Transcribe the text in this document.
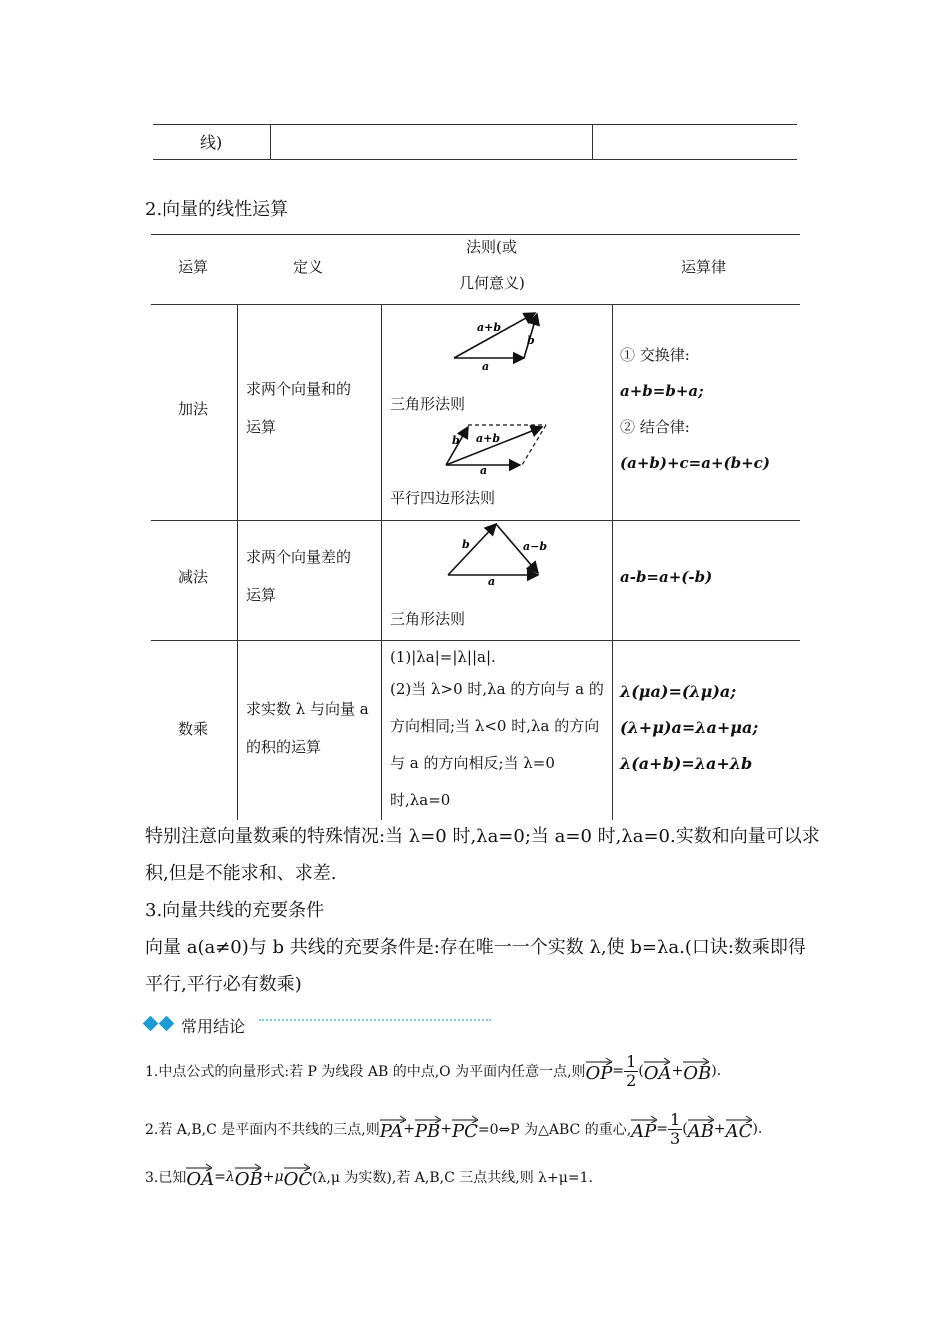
线)
2.向量的线性运算
运算	定义
法则(或
几何意义)
运算律
加法
求两个向量和的
运算
a+b
b
a
三角形法则
b a+b
a
平行四边形法则
① 交换律:
a+b=b+a;
② 结合律:
(a+b)+c=a+(b+c)
减法
求两个向量差的
运算
b	a−b
a
三角形法则
a-b=a+(-b)
数乘
求实数 λ 与向量 a
的积的运算
(1)|λa|=|λ||a|.
(2)当 λ>0 时,λa 的方向与 a 的
方向相同;当 λ<0 时,λa 的方向
与 a 的方向相反;当 λ=0
时,λa=0
λ(μa)=(λμ)a;
(λ+μ)a=λa+μa;
λ(a+b)=λa+λb
特别注意向量数乘的特殊情况:当 λ=0 时,λa=0;当 a=0 时,λa=0.实数和向量可以求
积,但是不能求和、求差.
3.向量共线的充要条件
向量 a(a≠0)与 b 共线的充要条件是:存在唯一一个实数 λ,使 b=λa.(口诀:数乘即得
平行,平行必有数乘)
常用结论
1.中点公式的向量形式:若 P 为线段 AB 的中点,O 为平面内任意一点,则 OP = $\frac{1}{2}$ ( OA + OB ).
2.若 A,B,C 是平面内不共线的三点,则 PA + PB + PC =0⇔P 为△ABC 的重心, AP = $\frac{1}{3}$ ( AB + AC ).
3.已知 OA =λ OB +μ OC (λ,μ 为实数),若 A,B,C 三点共线,则 λ+μ=1.
